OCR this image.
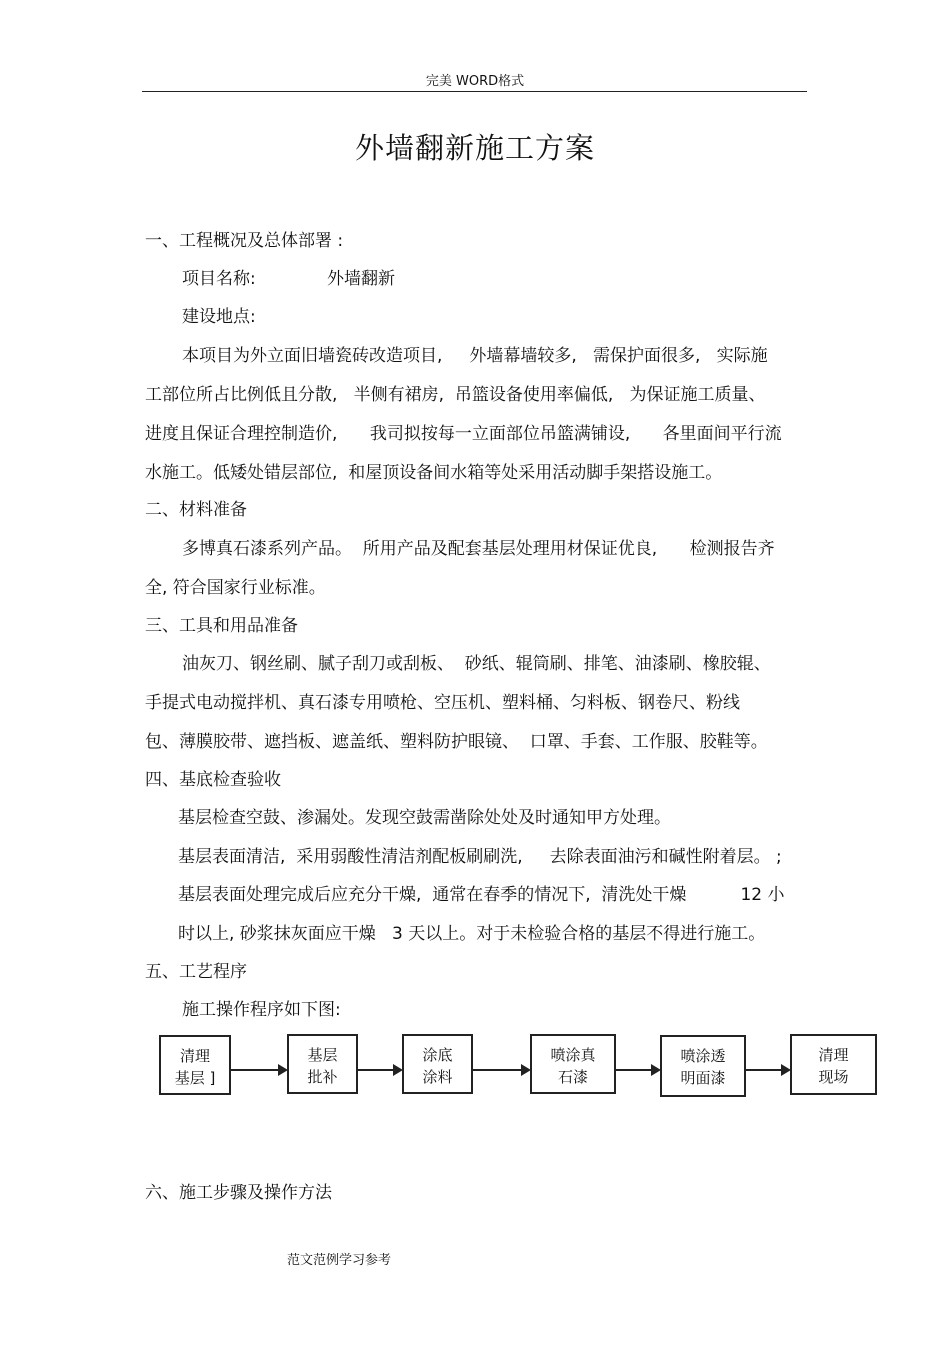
完美 WORD格式
外墙翻新施工方案
一、工程概况及总体部署 :
项目名称:	外墙翻新
建设地点:
本项目为外立面旧墙瓷砖改造项目,     外墙幕墙较多,   需保护面很多,   实际施
工部位所占比例低且分散,   半侧有裙房,  吊篮设备使用率偏低,   为保证施工质量、
进度且保证合理控制造价,      我司拟按每一立面部位吊篮满铺设,      各里面间平行流
水施工。低矮处错层部位,  和屋顶设备间水箱等处采用活动脚手架搭设施工。
二、材料准备
多博真石漆系列产品。  所用产品及配套基层处理用材保证优良,      检测报告齐
全, 符合国家行业标准。
三、工具和用品准备
油灰刀、钢丝刷、腻子刮刀或刮板、  砂纸、辊筒刷、排笔、油漆刷、橡胶辊、
手提式电动搅拌机、真石漆专用喷枪、空压机、塑料桶、匀料板、钢卷尺、粉线
包、薄膜胶带、遮挡板、遮盖纸、塑料防护眼镜、  口罩、手套、工作服、胶鞋等。
四、基底检查验收
基层检查空鼓、渗漏处。发现空鼓需凿除处处及时通知甲方处理。
基层表面清洁,  采用弱酸性清洁剂配板刷刷洗,     去除表面油污和碱性附着层。 ;
基层表面处理完成后应充分干燥,  通常在春季的情况下,  清洗处干燥          12 小
时以上, 砂浆抹灰面应干燥   3 天以上。对于未检验合格的基层不得进行施工。
五、工艺程序
施工操作程序如下图:
清理
基层 ]
基层
批补
涂底
涂料
喷涂真
石漆
喷涂透
明面漆
清理
现场
六、施工步骤及操作方法
范文范例学习参考
